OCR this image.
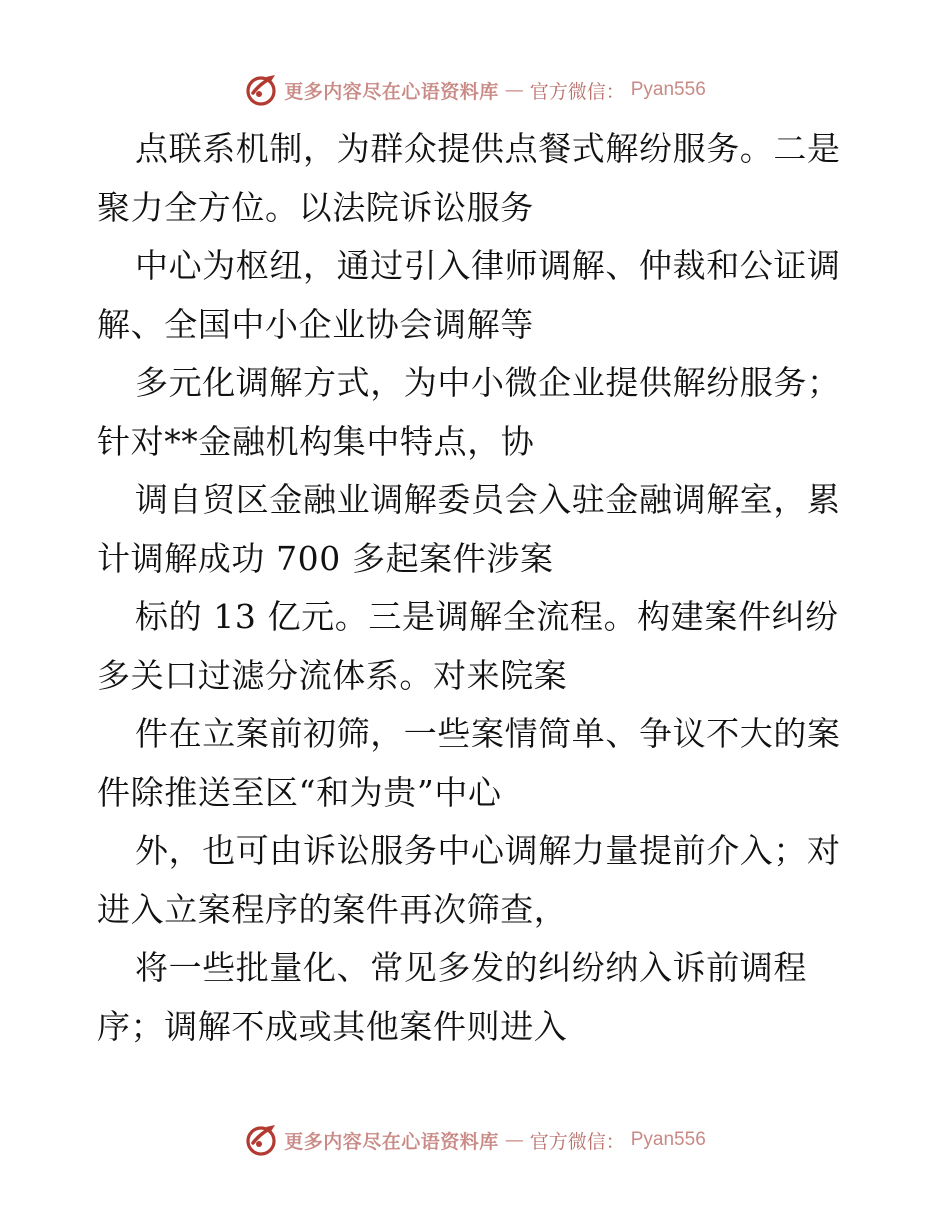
更多内容尽在心语资料库 — 官方微信： Pyan556
点联系机制，为群众提供点餐式解纷服务。二是
聚力全方位。以法院诉讼服务
中心为枢纽，通过引入律师调解、仲裁和公证调
解、全国中小企业协会调解等
多元化调解方式，为中小微企业提供解纷服务；
针对**金融机构集中特点，协
调自贸区金融业调解委员会入驻金融调解室，累
计调解成功 700 多起案件涉案
标的 13 亿元。三是调解全流程。构建案件纠纷
多关口过滤分流体系。对来院案
件在立案前初筛，一些案情简单、争议不大的案
件除推送至区“和为贵”中心
外，也可由诉讼服务中心调解力量提前介入；对
进入立案程序的案件再次筛查，
将一些批量化、常见多发的纠纷纳入诉前调程
序；调解不成或其他案件则进入
更多内容尽在心语资料库 — 官方微信： Pyan556
